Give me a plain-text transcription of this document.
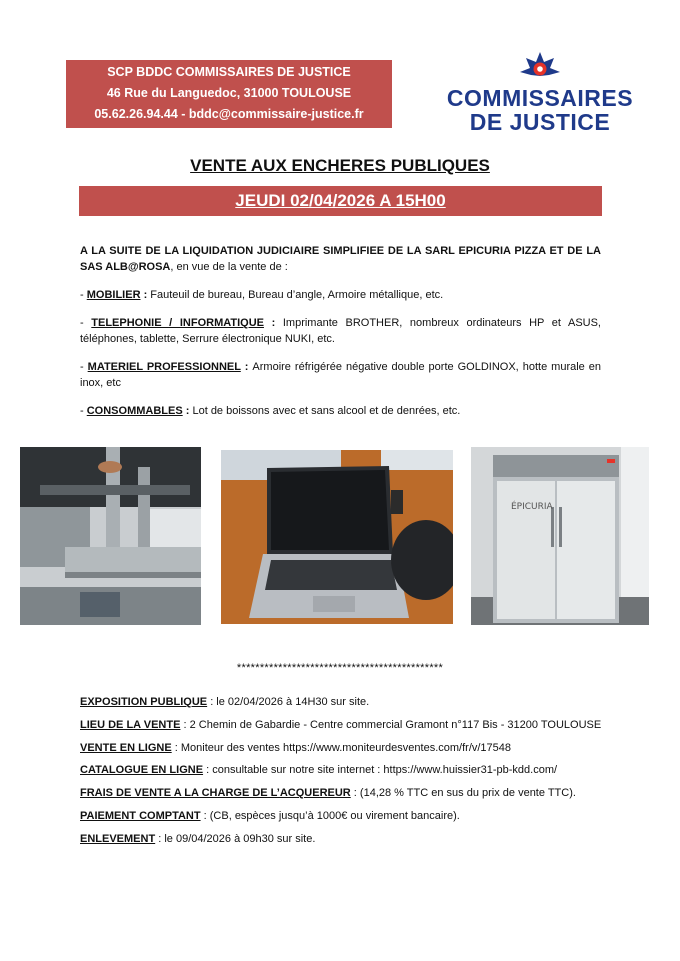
SCP BDDC COMMISSAIRES DE JUSTICE
46 Rue du Languedoc, 31000 TOULOUSE
05.62.26.94.44 - bddc@commissaire-justice.fr
COMMISSAIRES
DE JUSTICE
VENTE AUX ENCHERES PUBLIQUES
JEUDI 02/04/2026 A 15H00

A LA SUITE DE LA LIQUIDATION JUDICIAIRE SIMPLIFIEE DE LA SARL EPICURIA PIZZA ET DE LA SAS ALB@ROSA, en vue de la vente de :

- MOBILIER : Fauteuil de bureau, Bureau d’angle, Armoire métallique, etc.

- TELEPHONIE / INFORMATIQUE : Imprimante BROTHER, nombreux ordinateurs HP et ASUS, téléphones, tablette, Serrure électronique NUKI, etc.

- MATERIEL PROFESSIONNEL : Armoire réfrigérée négative double porte GOLDINOX, hotte murale en inox, etc

- CONSOMMABLES : Lot de boissons avec et sans alcool et de denrées, etc.

ÉPICURIA
*********************************************
EXPOSITION PUBLIQUE : le 02/04/2026 à 14H30 sur site.
LIEU DE LA VENTE : 2 Chemin de Gabardie - Centre commercial Gramont n°117 Bis - 31200 TOULOUSE
VENTE EN LIGNE : Moniteur des ventes https://www.moniteurdesventes.com/fr/v/17548
CATALOGUE EN LIGNE : consultable sur notre site internet : https://www.huissier31-pb-kdd.com/
FRAIS DE VENTE A LA CHARGE DE L’ACQUEREUR : (14,28 % TTC en sus du prix de vente TTC).
PAIEMENT COMPTANT : (CB, espèces jusqu’à 1000€ ou virement bancaire).
ENLEVEMENT : le 09/04/2026 à 09h30 sur site.
